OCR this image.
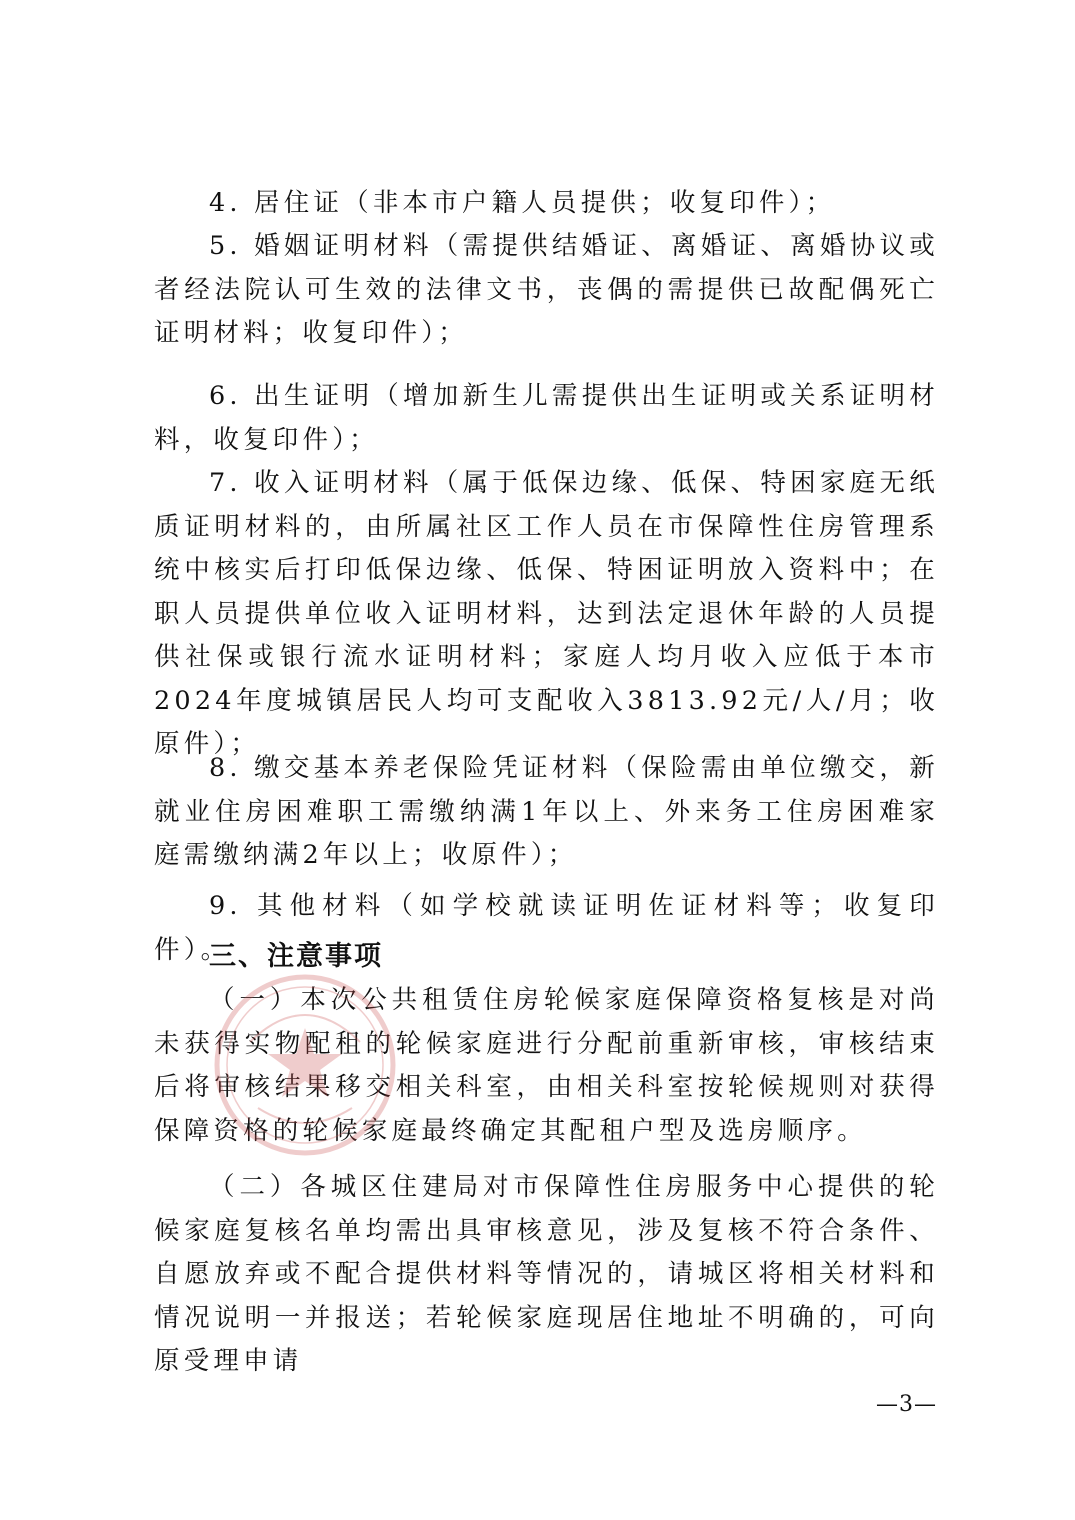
4. 居住证（非本市户籍人员提供；收复印件）；
5. 婚姻证明材料（需提供结婚证、离婚证、离婚协议或者经法院认可生效的法律文书，丧偶的需提供已故配偶死亡证明材料；收复印件）；
6. 出生证明（增加新生儿需提供出生证明或关系证明材料，收复印件）；
7. 收入证明材料（属于低保边缘、低保、特困家庭无纸质证明材料的，由所属社区工作人员在市保障性住房管理系统中核实后打印低保边缘、低保、特困证明放入资料中；在职人员提供单位收入证明材料，达到法定退休年龄的人员提供社保或银行流水证明材料；家庭人均月收入应低于本市2024年度城镇居民人均可支配收入3813.92元/人/月；收原件）；
8. 缴交基本养老保险凭证材料（保险需由单位缴交，新就业住房困难职工需缴纳满1年以上、外来务工住房困难家庭需缴纳满2年以上；收原件）；
9. 其他材料（如学校就读证明佐证材料等；收复印件）。
三、注意事项
（一）本次公共租赁住房轮候家庭保障资格复核是对尚未获得实物配租的轮候家庭进行分配前重新审核，审核结束后将审核结果移交相关科室，由相关科室按轮候规则对获得保障资格的轮候家庭最终确定其配租户型及选房顺序。
（二）各城区住建局对市保障性住房服务中心提供的轮候家庭复核名单均需出具审核意见，涉及复核不符合条件、自愿放弃或不配合提供材料等情况的，请城区将相关材料和情况说明一并报送；若轮候家庭现居住地址不明确的，可向原受理申请
—3—
